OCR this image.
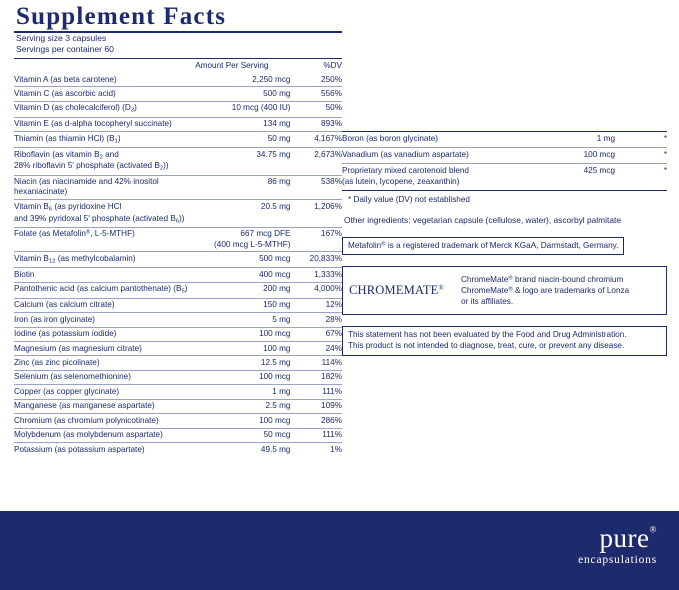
Supplement Facts
Serving size 3 capsules
Servings per container 60
	Amount Per Serving	%DV
Vitamin A (as beta carotene)	2,250 mcg	250%
Vitamin C (as ascorbic acid)	500 mg	556%
Vitamin D (as cholecalciferol) $(D_3)$	10 mcg (400 IU)	50%
Vitamin E (as d-alpha tocopheryl succinate)	134 mg	893%
Thiamin (as thiamin HCl) $(B_1)$	50 mg	4,167%
Riboflavin (as vitamin $B_2$ and
28% riboflavin 5' phosphate (activated $B_2$))	34.75 mg	2,673%
Niacin (as niacinamide and 42% inositol hexaniacinate)	86 mg	538%
Vitamin $B_6$ (as pyridoxine HCl
and 39% pyridoxal 5' phosphate (activated $B_6$))	20.5 mg	1,206%
Folate (as Metafolin®, L-5-MTHF)	667 mcg DFE
(400 mcg L-5-MTHF)	167%
Vitamin $B_{12}$ (as methylcobalamin)	500 mcg	20,833%
Biotin	400 mcg	1,333%
Pantothenic acid (as calcium pantothenate) $(B_5)$	200 mg	4,000%
Calcium (as calcium citrate)	150 mg	12%
Iron (as iron glycinate)	5 mg	28%
Iodine (as potassium iodide)	100 mcg	67%
Magnesium (as magnesium citrate)	100 mg	24%
Zinc (as zinc picolinate)	12.5 mg	114%
Selenium (as selenomethionine)	100 mcg	182%
Copper (as copper glycinate)	1 mg	111%
Manganese (as manganese aspartate)	2.5 mg	109%
Chromium (as chromium polynicotinate)	100 mcg	286%
Molybdenum (as molybdenum aspartate)	50 mcg	111%
Potassium (as potassium aspartate)	49.5 mg	1%
Boron (as boron glycinate)	1 mg	*
Vanadium (as vanadium aspartate)	100 mcg	*
Proprietary mixed carotenoid blend
(as lutein, lycopene, zeaxanthin)	425 mcg	*
* Daily value (DV) not established
Other ingredients: vegetarian capsule (cellulose, water), ascorbyl palmitate
Metafolin® is a registered trademark of Merck KGaA, Darmstadt, Germany.
CHROMEMATE®
ChromeMate® brand niacin-bound chromium
ChromeMate® & logo are trademarks of Lonza
or its affiliates.
This statement has not been evaluated by the Food and Drug Administration.
This product is not intended to diagnose, treat, cure, or prevent any disease.
pure®
encapsulations
